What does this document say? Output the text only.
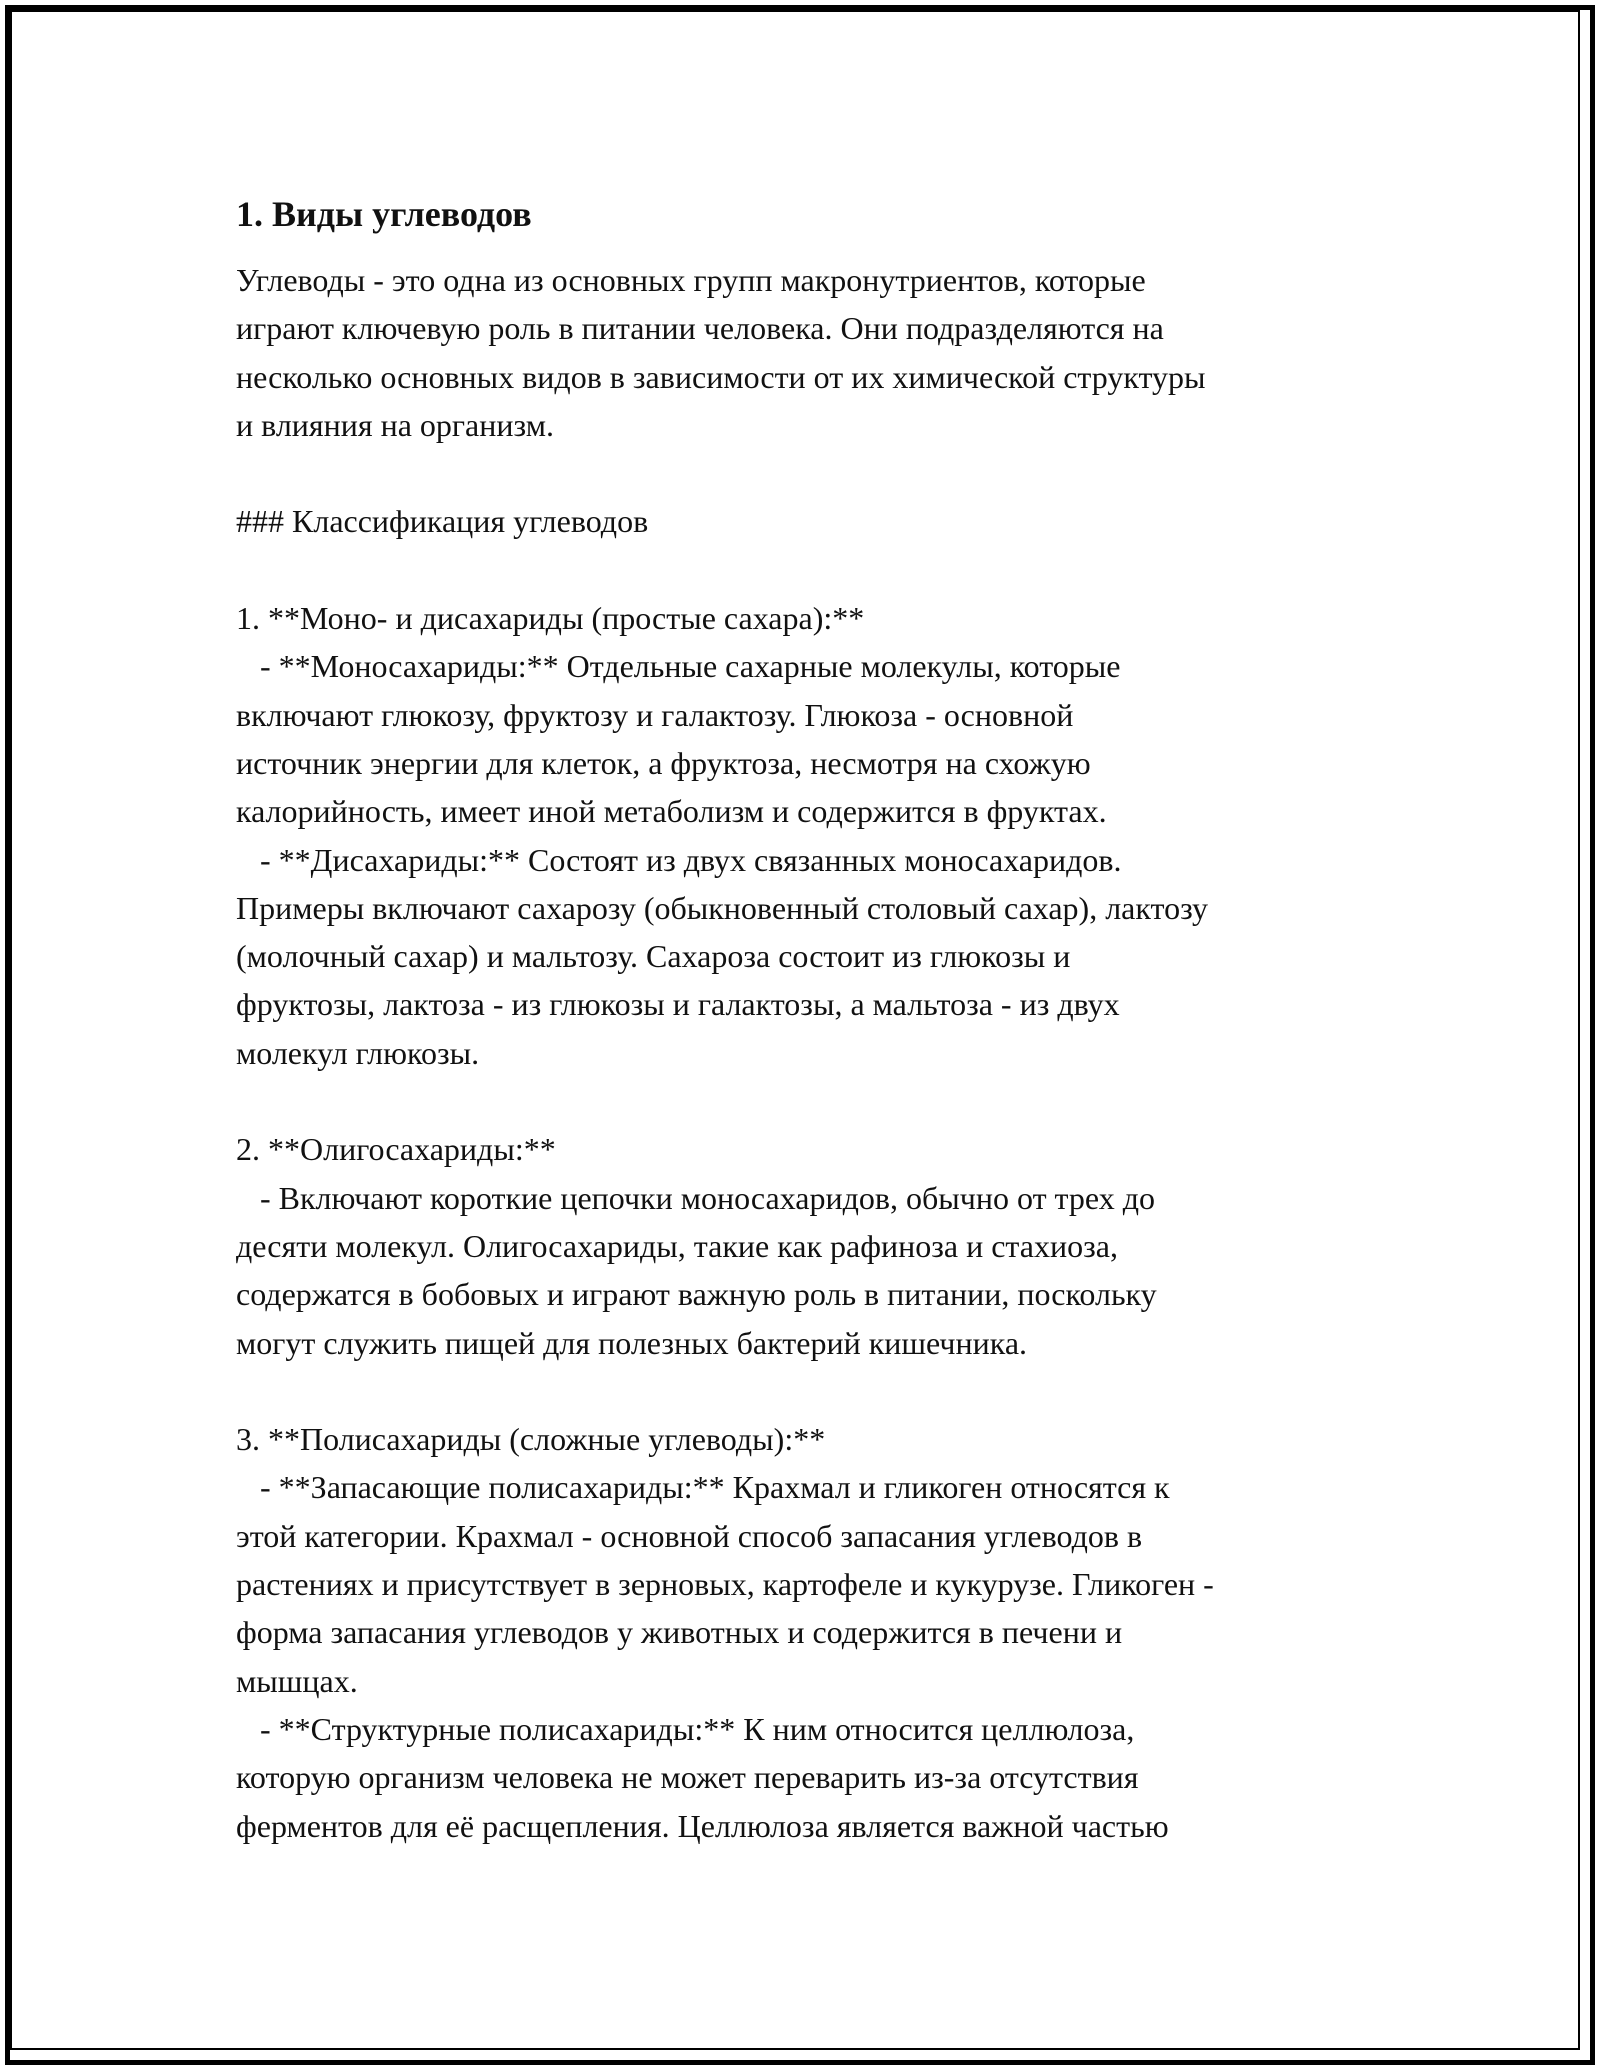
1. Виды углеводов
Углеводы - это одна из основных групп макронутриентов, которые
играют ключевую роль в питании человека. Они подразделяются на
несколько основных видов в зависимости от их химической структуры
и влияния на организм.
### Классификация углеводов
1. **Моно- и дисахариды (простые сахара):**
- **Моносахариды:** Отдельные сахарные молекулы, которые
включают глюкозу, фруктозу и галактозу. Глюкоза - основной
источник энергии для клеток, а фруктоза, несмотря на схожую
калорийность, имеет иной метаболизм и содержится в фруктах.
- **Дисахариды:** Состоят из двух связанных моносахаридов.
Примеры включают сахарозу (обыкновенный столовый сахар), лактозу
(молочный сахар) и мальтозу. Сахароза состоит из глюкозы и
фруктозы, лактоза - из глюкозы и галактозы, а мальтоза - из двух
молекул глюкозы.
2. **Олигосахариды:**
- Включают короткие цепочки моносахаридов, обычно от трех до
десяти молекул. Олигосахариды, такие как рафиноза и стахиоза,
содержатся в бобовых и играют важную роль в питании, поскольку
могут служить пищей для полезных бактерий кишечника.
3. **Полисахариды (сложные углеводы):**
- **Запасающие полисахариды:** Крахмал и гликоген относятся к
этой категории. Крахмал - основной способ запасания углеводов в
растениях и присутствует в зерновых, картофеле и кукурузе. Гликоген -
форма запасания углеводов у животных и содержится в печени и
мышцах.
- **Структурные полисахариды:** К ним относится целлюлоза,
которую организм человека не может переварить из-за отсутствия
ферментов для её расщепления. Целлюлоза является важной частью
